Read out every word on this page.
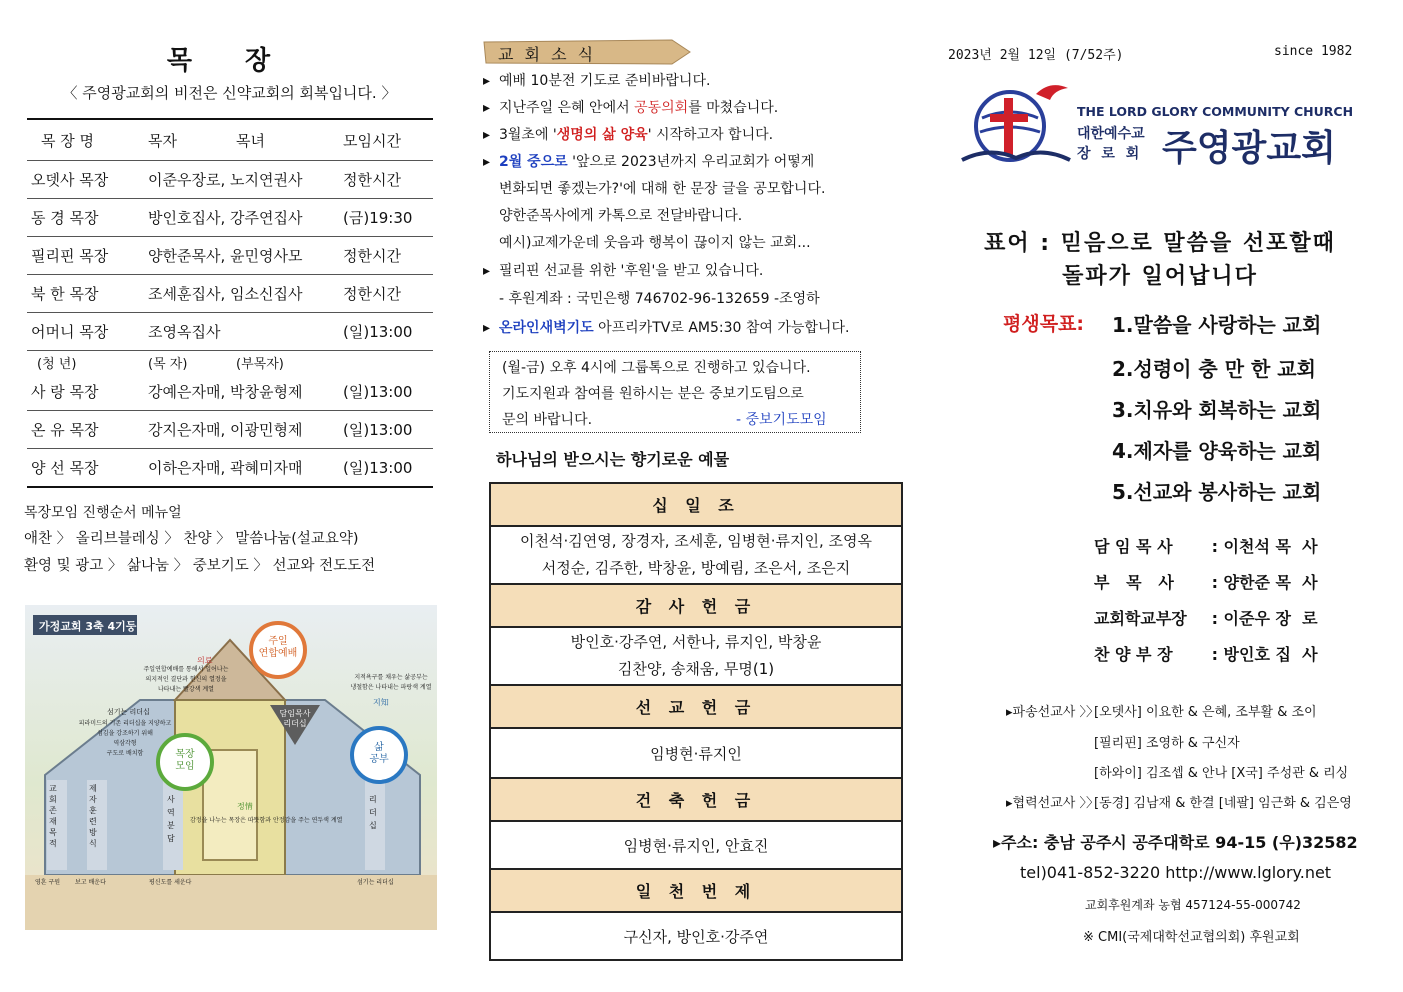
목 장
〈 주영광교회의 비전은 신약교회의 회복입니다. 〉
목 장 명	목자	목녀	모임시간
오뎃사 목장	이준우장로, 노지연권사		정한시간
동 경 목장	방인호집사, 강주연집사		(금)19:30
필리핀 목장	양한준목사, 윤민영사모		정한시간
북 한 목장	조세훈집사, 임소신집사		정한시간
어머니 목장	조영옥집사		(일)13:00
(청 년)	(목 자)	(부목자)	
사 랑 목장	강예은자매, 박창윤형제		(일)13:00
온 유 목장	강지은자매, 이광민형제		(일)13:00
양 선 목장	이하은자매, 곽혜미자매		(일)13:00
목장모임 진행순서 메뉴얼
애찬 〉 올리브블레싱 〉 찬양 〉 말씀나눔(설교요약)
환영 및 광고 〉 삶나눔 〉 중보기도 〉 선교와 전도도전
가정교회 3축 4기둥
주일
연합예배
목장
모임
삶
공부
담임목사
리더십
의료
주일연합예배를 통해서 일어나는
의지적인 결단과 헌신의 열정을
나타내는 빨강색 계열
지적욕구를 채우는 삶공부는
냉철함은 나타내는 파랑색 계열
지知
섬기는 리더십
피라미드의 기존 리더십을 지양하고
섬김을 강조하기 위해
역삼각형
구도로 배치함
정情
감정을 나누는 목장은 따뜻함과 안정감을 주는 연두색 계열
교회존재목적
제자훈련방식
사역분담
리더십
영혼 구원 보고 배운다	평신도를 세운다	섬기는 리더십
교 회 소 식
▸ 예배 10분전 기도로 준비바랍니다.
▸ 지난주일 은혜 안에서 공동의회를 마쳤습니다.
▸ 3월초에 '생명의 삶 양육' 시작하고자 합니다.
▸ 2월 중으로 '앞으로 2023년까지 우리교회가 어떻게
변화되면 좋겠는가?'에 대해 한 문장 글을 공모합니다.
양한준목사에게 카톡으로 전달바랍니다.
예시)교제가운데 웃음과 행복이 끊이지 않는 교회...
▸ 필리핀 선교를 위한 '후원'을 받고 있습니다.
- 후원계좌 : 국민은행 746702-96-132659 -조영하
▸ 온라인새벽기도 아프리카TV로 AM5:30 참여 가능합니다.
(월-금) 오후 4시에 그룹톡으로 진행하고 있습니다.
기도지원과 참여를 원하시는 분은 중보기도팀으로
문의 바랍니다.	- 중보기도모임
하나님의 받으시는 향기로운 예물
십 일 조

이천석·김연영, 장경자, 조세훈, 임병현·류지인, 조영옥
서정순, 김주한, 박창윤, 방예림, 조은서, 조은지

감 사 헌 금

방인호·강주연, 서한나, 류지인, 박창윤
김찬양, 송채움, 무명(1)

선 교 헌 금
임병현·류지인
건 축 헌 금
임병현·류지인, 안효진
일 천 번 제
구신자, 방인호·강주연
2023년 2월 12일 (7/52주)	since 1982
THE LORD GLORY COMMUNITY CHURCH
대한예수교
장 로 회 주영광교회
표어 : 믿음으로 말씀을 선포할때
돌파가 일어납니다
평생목표: 1.말씀을 사랑하는 교회
2.성령이 충 만 한 교회
3.치유와 회복하는 교회
4.제자를 양육하는 교회
5.선교와 봉사하는 교회
담 임 목 사 : 이천석 목  사
부   목   사 : 양한준 목  사
교회학교부장 : 이준우 장  로
찬 양 부 장 : 방인호 집  사
▸파송선교사 〉〉
[오뎃사] 이요한 & 은혜, 조부활 & 조이
[필리핀] 조영하 & 구신자
[하와이] 김조셉 & 안나 [X국] 주성관 & 리싱
▸협력선교사 〉〉
[동경] 김남재 & 한결 [네팔] 임근화 & 김은영
▸주소: 충남 공주시 공주대학로 94-15 (우)32582
tel)041-852-3220 http://www.lglory.net
교회후원계좌 농협 457124-55-000742
※ CMI(국제대학선교협의회) 후원교회
